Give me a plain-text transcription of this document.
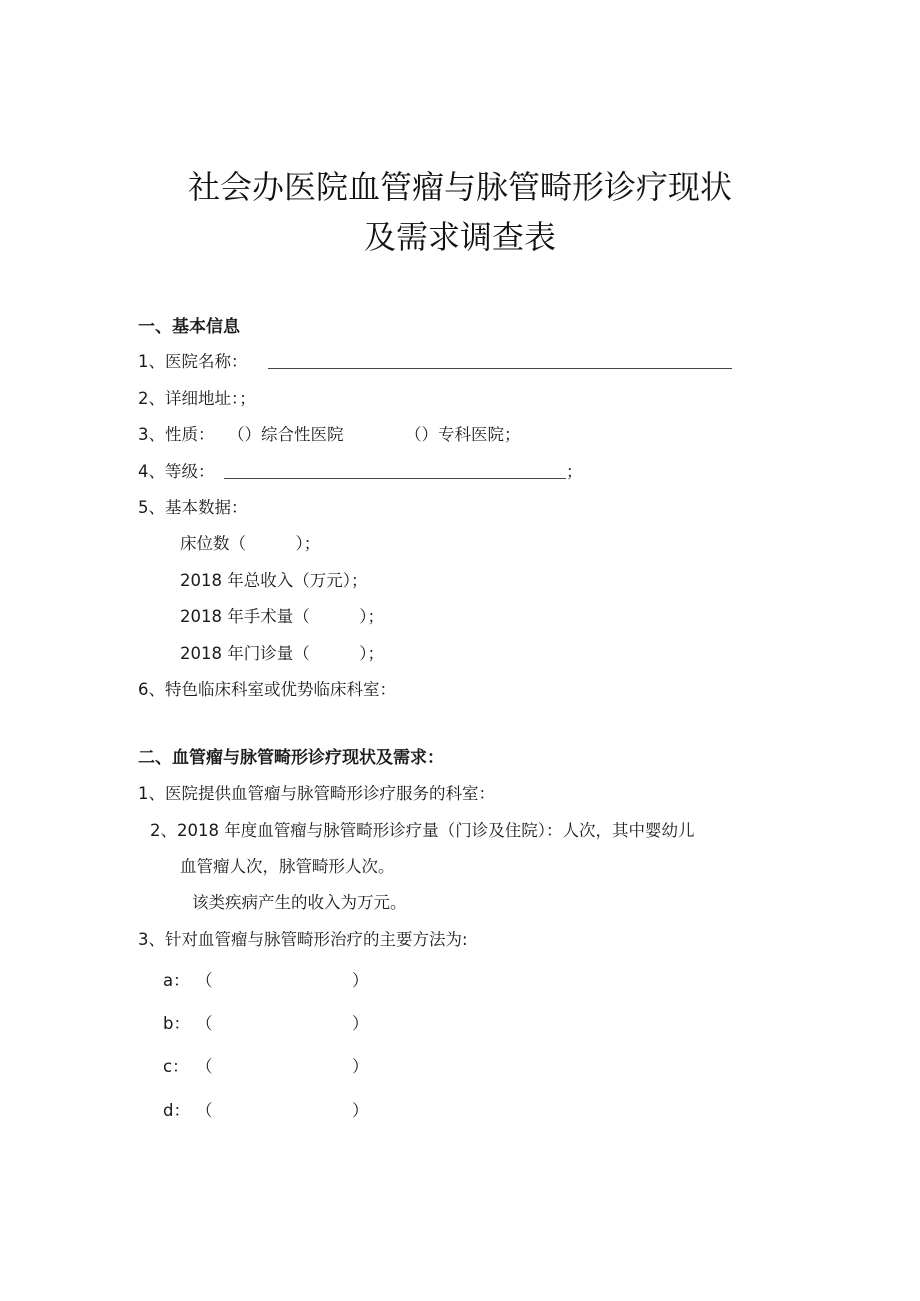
社会办医院血管瘤与脉管畸形诊疗现状
及需求调查表
一、基本信息
1、医院名称：
2、详细地址：；
3、性质： （）综合性医院	（）专科医院；
4、等级：	；
5、基本数据：
床位数（　　　）；
2018 年总收入（万元）；
2018 年手术量（　　　）；
2018 年门诊量（　　　）；
6、特色临床科室或优势临床科室：
二、血管瘤与脉管畸形诊疗现状及需求：
1、医院提供血管瘤与脉管畸形诊疗服务的科室：
2、2018 年度血管瘤与脉管畸形诊疗量（门诊及住院）：人次，其中婴幼儿
血管瘤人次，脉管畸形人次。
该类疾病产生的收入为万元。
3、针对血管瘤与脉管畸形治疗的主要方法为:
a： （	）
b： （	）
c： （	）
d： （	）
